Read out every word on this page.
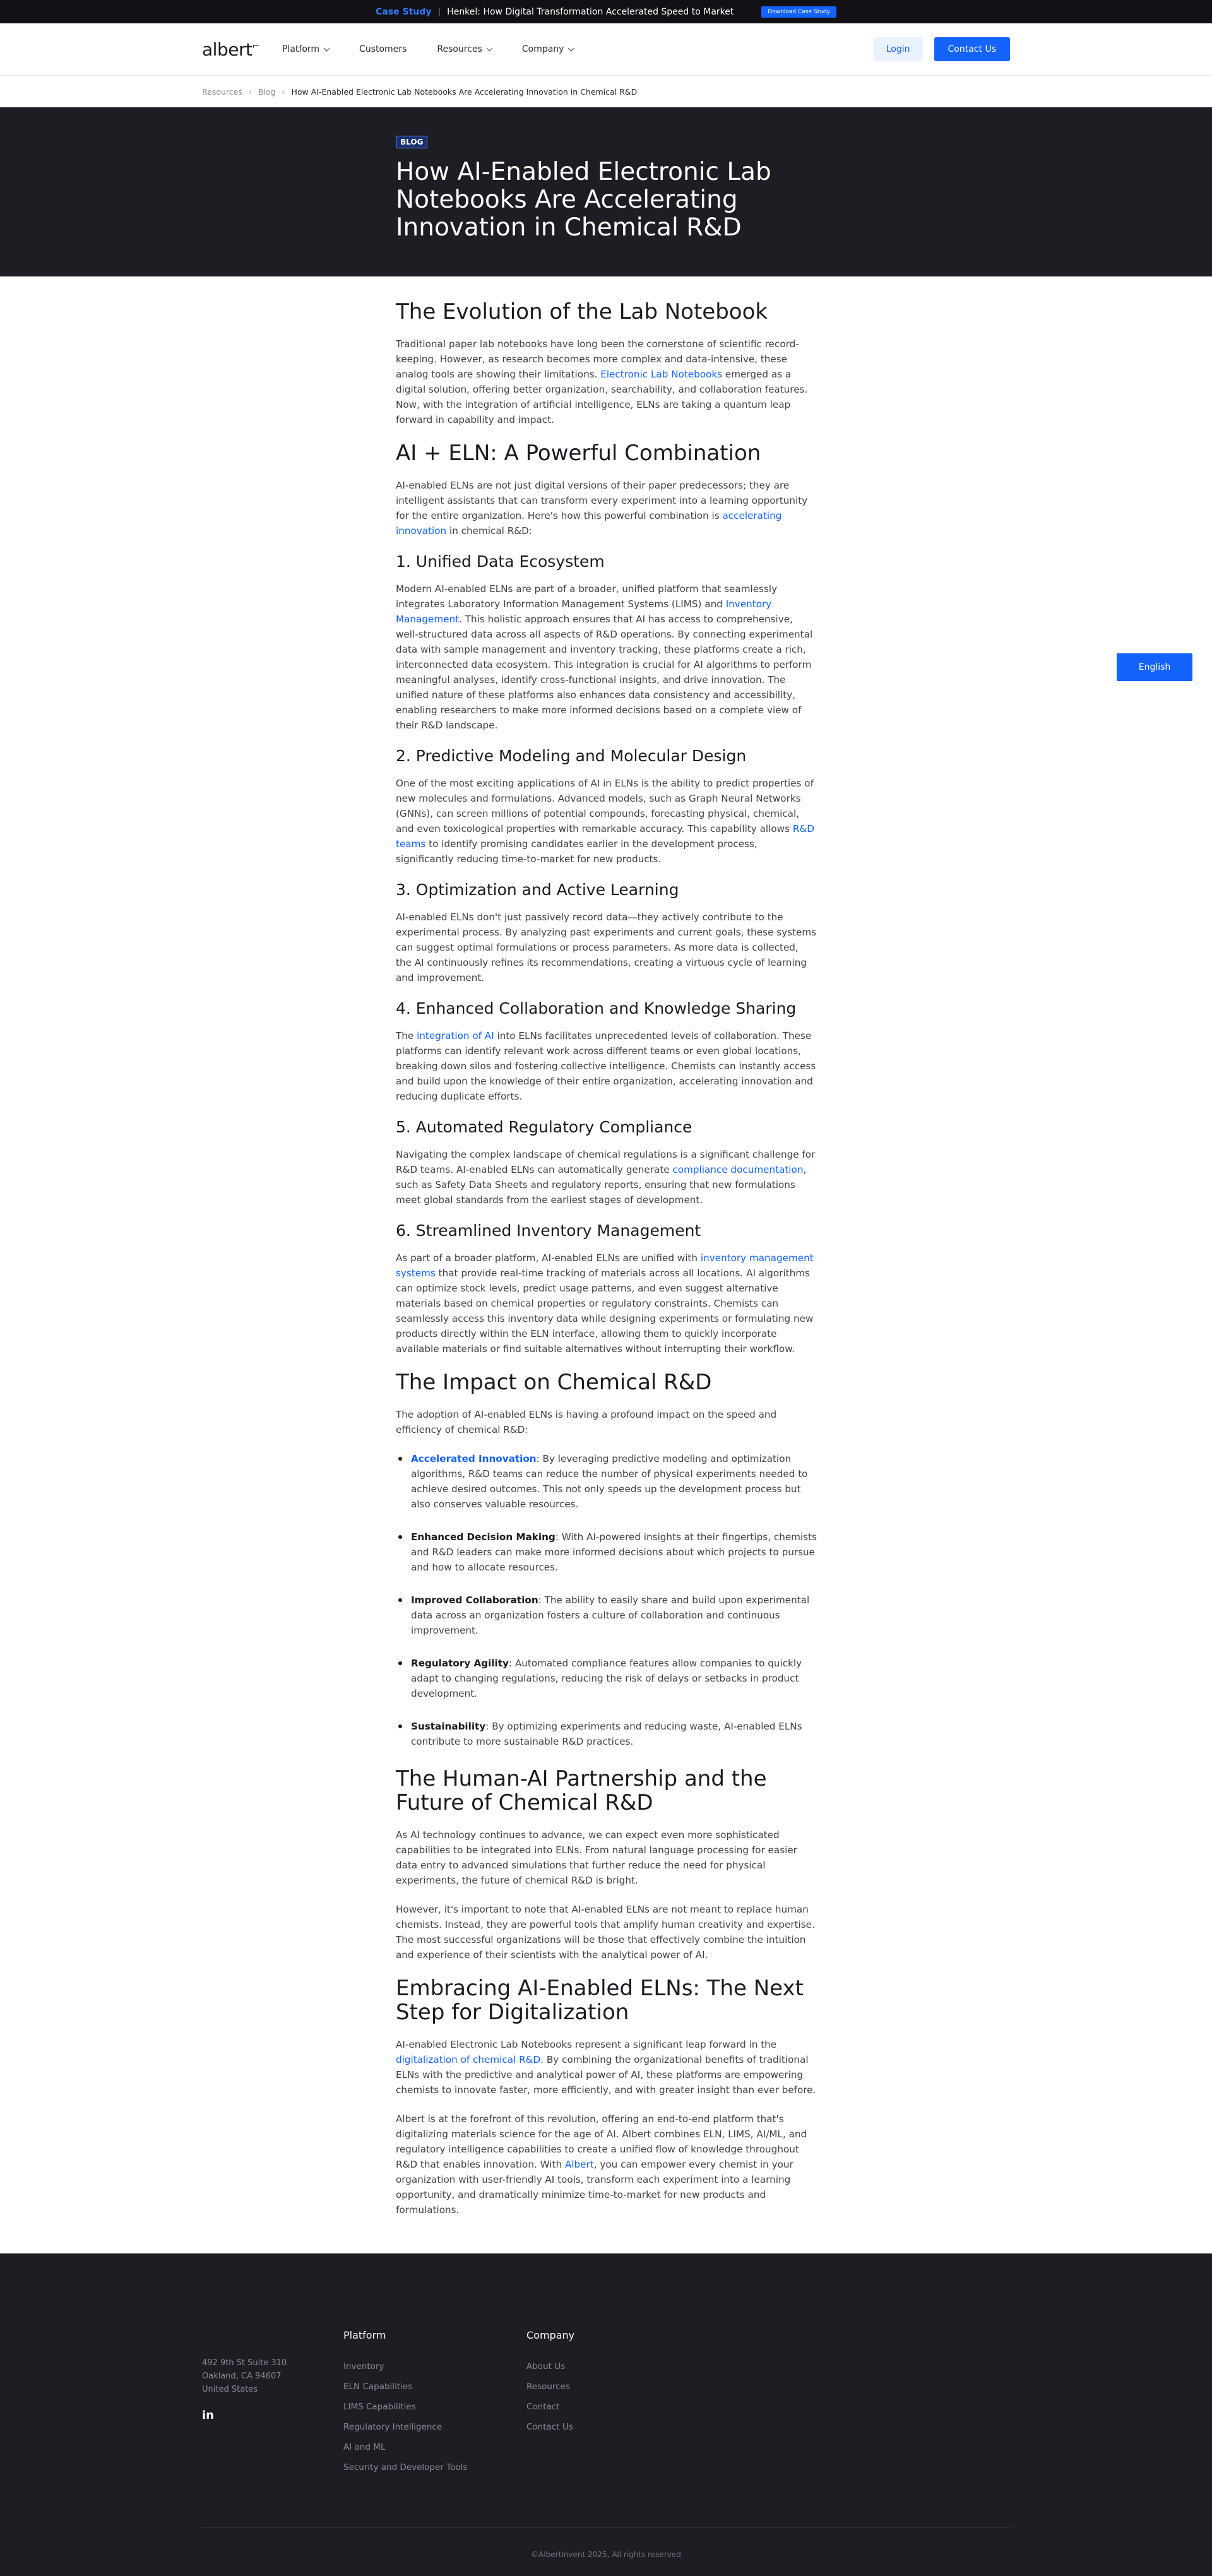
Case Study | Henkel: How Digital Transformation Accelerated Speed to Market	Download Case Study
albert⌐	Platform	Customers	Resources	Company	Login	Contact Us
Resources › Blog › How AI-Enabled Electronic Lab Notebooks Are Accelerating Innovation in Chemical R&D
BLOG
How AI-Enabled Electronic Lab Notebooks Are Accelerating Innovation in Chemical R&D
The Evolution of the Lab Notebook

Traditional paper lab notebooks have long been the cornerstone of scientific record-keeping. However, as research becomes more complex and data-intensive, these analog tools are showing their limitations. Electronic Lab Notebooks emerged as a digital solution, offering better organization, searchability, and collaboration features. Now, with the integration of artificial intelligence, ELNs are taking a quantum leap forward in capability and impact.

AI + ELN: A Powerful Combination

AI-enabled ELNs are not just digital versions of their paper predecessors; they are intelligent assistants that can transform every experiment into a learning opportunity for the entire organization. Here's how this powerful combination is accelerating innovation in chemical R&D:

1. Unified Data Ecosystem

Modern AI-enabled ELNs are part of a broader, unified platform that seamlessly integrates Laboratory Information Management Systems (LIMS) and Inventory Management. This holistic approach ensures that AI has access to comprehensive, well-structured data across all aspects of R&D operations. By connecting experimental data with sample management and inventory tracking, these platforms create a rich, interconnected data ecosystem. This integration is crucial for AI algorithms to perform meaningful analyses, identify cross-functional insights, and drive innovation. The unified nature of these platforms also enhances data consistency and accessibility, enabling researchers to make more informed decisions based on a complete view of their R&D landscape.

2. Predictive Modeling and Molecular Design

One of the most exciting applications of AI in ELNs is the ability to predict properties of new molecules and formulations. Advanced models, such as Graph Neural Networks (GNNs), can screen millions of potential compounds, forecasting physical, chemical, and even toxicological properties with remarkable accuracy. This capability allows R&D teams to identify promising candidates earlier in the development process, significantly reducing time-to-market for new products.

3. Optimization and Active Learning

AI-enabled ELNs don't just passively record data—they actively contribute to the experimental process. By analyzing past experiments and current goals, these systems can suggest optimal formulations or process parameters. As more data is collected, the AI continuously refines its recommendations, creating a virtuous cycle of learning and improvement.

4. Enhanced Collaboration and Knowledge Sharing

The integration of AI into ELNs facilitates unprecedented levels of collaboration. These platforms can identify relevant work across different teams or even global locations, breaking down silos and fostering collective intelligence. Chemists can instantly access and build upon the knowledge of their entire organization, accelerating innovation and reducing duplicate efforts.

5. Automated Regulatory Compliance

Navigating the complex landscape of chemical regulations is a significant challenge for R&D teams. AI-enabled ELNs can automatically generate compliance documentation, such as Safety Data Sheets and regulatory reports, ensuring that new formulations meet global standards from the earliest stages of development.

6. Streamlined Inventory Management

As part of a broader platform, AI-enabled ELNs are unified with inventory management systems that provide real-time tracking of materials across all locations. AI algorithms can optimize stock levels, predict usage patterns, and even suggest alternative materials based on chemical properties or regulatory constraints. Chemists can seamlessly access this inventory data while designing experiments or formulating new products directly within the ELN interface, allowing them to quickly incorporate available materials or find suitable alternatives without interrupting their workflow.

The Impact on Chemical R&D

The adoption of AI-enabled ELNs is having a profound impact on the speed and efficiency of chemical R&D:

Accelerated Innovation: By leveraging predictive modeling and optimization algorithms, R&D teams can reduce the number of physical experiments needed to achieve desired outcomes. This not only speeds up the development process but also conserves valuable resources.
Enhanced Decision Making: With AI-powered insights at their fingertips, chemists and R&D leaders can make more informed decisions about which projects to pursue and how to allocate resources.
Improved Collaboration: The ability to easily share and build upon experimental data across an organization fosters a culture of collaboration and continuous improvement.
Regulatory Agility: Automated compliance features allow companies to quickly adapt to changing regulations, reducing the risk of delays or setbacks in product development.
Sustainability: By optimizing experiments and reducing waste, AI-enabled ELNs contribute to more sustainable R&D practices.
The Human-AI Partnership and the Future of Chemical R&D

As AI technology continues to advance, we can expect even more sophisticated capabilities to be integrated into ELNs. From natural language processing for easier data entry to advanced simulations that further reduce the need for physical experiments, the future of chemical R&D is bright.

However, it's important to note that AI-enabled ELNs are not meant to replace human chemists. Instead, they are powerful tools that amplify human creativity and expertise. The most successful organizations will be those that effectively combine the intuition and experience of their scientists with the analytical power of AI.

Embracing AI-Enabled ELNs: The Next Step for Digitalization

AI-enabled Electronic Lab Notebooks represent a significant leap forward in the digitalization of chemical R&D. By combining the organizational benefits of traditional ELNs with the predictive and analytical power of AI, these platforms are empowering chemists to innovate faster, more efficiently, and with greater insight than ever before.

Albert is at the forefront of this revolution, offering an end-to-end platform that's digitalizing materials science for the age of AI. Albert combines ELN, LIMS, AI/ML, and regulatory intelligence capabilities to create a unified flow of knowledge throughout R&D that enables innovation. With Albert, you can empower every chemist in your organization with user-friendly AI tools, transform each experiment into a learning opportunity, and dramatically minimize time-to-market for new products and formulations.

English
492 9th St Suite 310
Oakland, CA 94607
United States
in
Platform
Inventory
ELN Capabilities
LIMS Capabilities
Regulatory Intelligence
AI and ML
Security and Developer Tools
Company
About Us
Resources
Contact
Contact Us
©AlbertInvent 2025, All rights reserved
